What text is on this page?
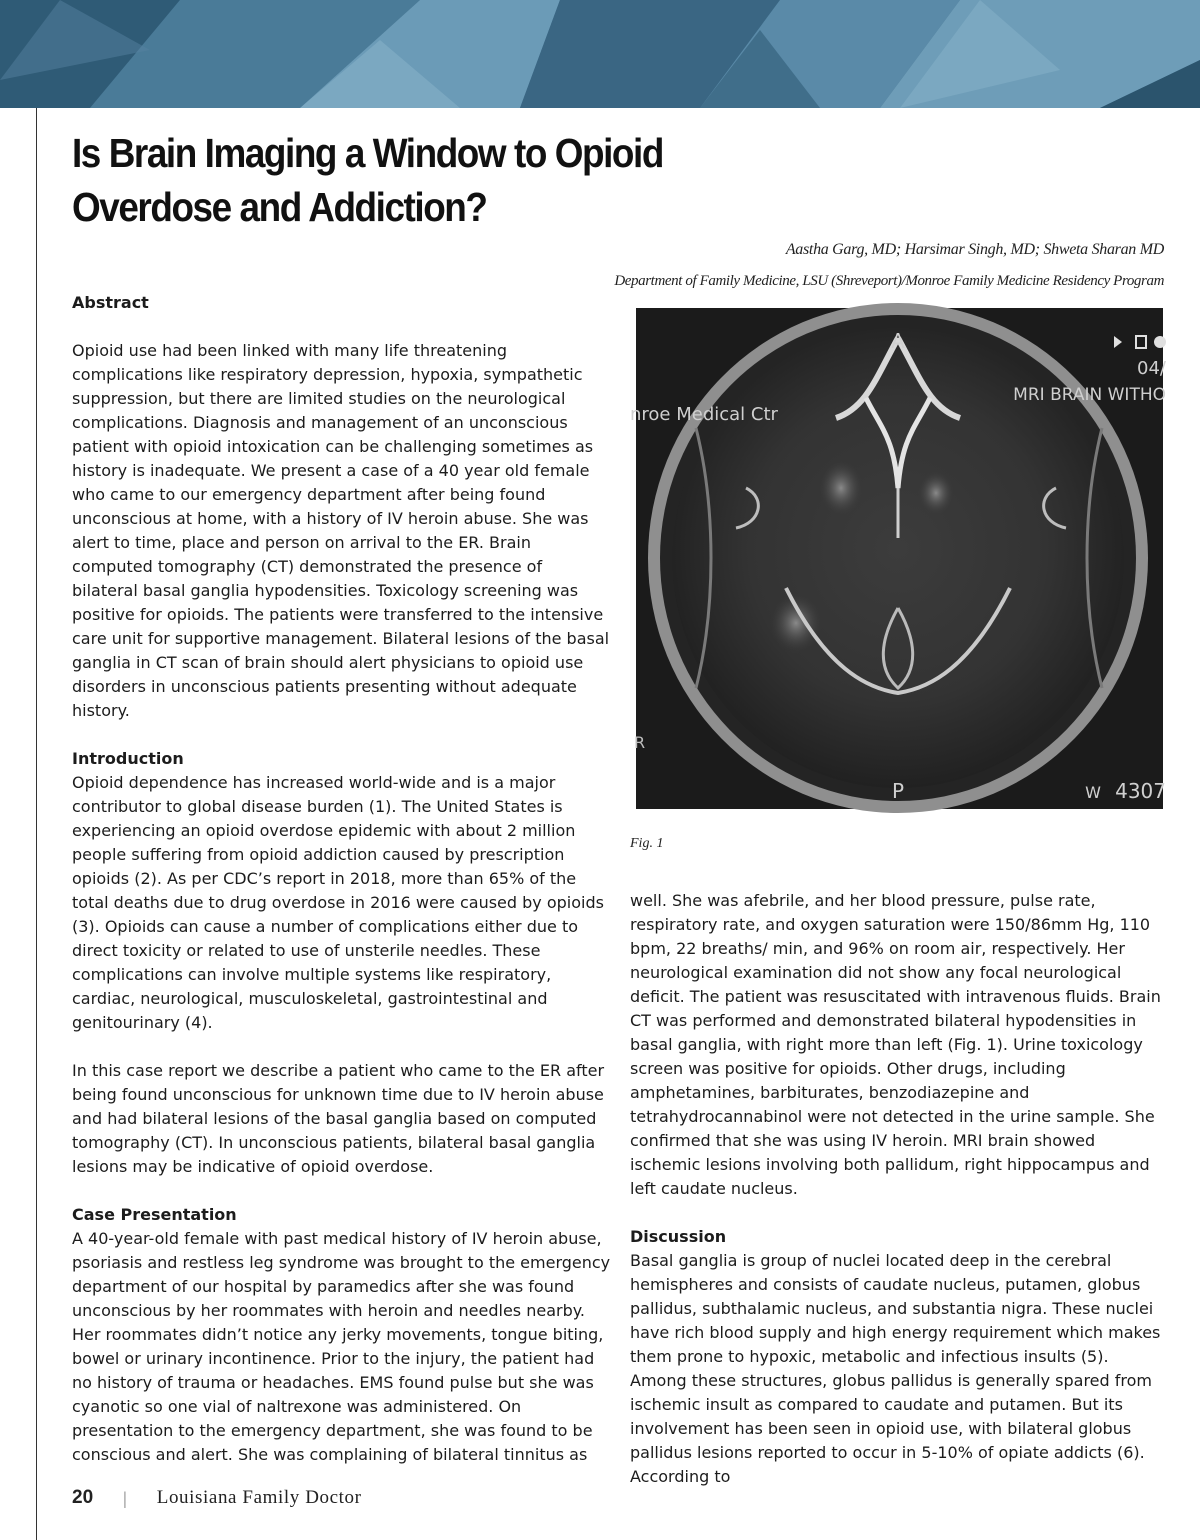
Is Brain Imaging a Window to Opioid Overdose and Addiction?
Aastha Garg, MD; Harsimar Singh, MD; Shweta Sharan MD
Department of Family Medicine, LSU (Shreveport)/Monroe Family Medicine Residency Program

Abstract

Opioid use had been linked with many life threatening complications like respiratory depression, hypoxia, sympathetic suppression, but there are limited studies on the neurological complications. Diagnosis and management of an unconscious patient with opioid intoxication can be challenging sometimes as history is inadequate. We present a case of a 40 year old female who came to our emergency department after being found unconscious at home, with a history of IV heroin abuse. She was alert to time, place and person on arrival to the ER. Brain computed tomography (CT) demonstrated the presence of bilateral basal ganglia hypodensities. Toxicology screening was positive for opioids. The patients were transferred to the intensive care unit for supportive management. Bilateral lesions of the basal ganglia in CT scan of brain should alert physicians to opioid use disorders in unconscious patients presenting without adequate history.

Introduction

Opioid dependence has increased world-wide and is a major contributor to global disease burden (1). The United States is experiencing an opioid overdose epidemic with about 2 million people suffering from opioid addiction caused by prescription opioids (2). As per CDC’s report in 2018, more than 65% of the total deaths due to drug overdose in 2016 were caused by opioids (3). Opioids can cause a number of complications either due to direct toxicity or related to use of unsterile needles. These complications can involve multiple systems like respiratory, cardiac, neurological, musculoskeletal, gastrointestinal and genitourinary (4).

In this case report we describe a patient who came to the ER after being found unconscious for unknown time due to IV heroin abuse and had bilateral lesions of the basal ganglia based on computed tomography (CT). In unconscious patients, bilateral basal ganglia lesions may be indicative of opioid overdose.

Case Presentation

A 40-year-old female with past medical history of IV heroin abuse, psoriasis and restless leg syndrome was brought to the emergency department of our hospital by paramedics after she was found unconscious by her roommates with heroin and needles nearby. Her roommates didn’t notice any jerky movements, tongue biting, bowel or urinary incontinence. Prior to the injury, the patient had no history of trauma or headaches. EMS found pulse but she was cyanotic so one vial of naltrexone was administered. On presentation to the emergency department, she was found to be conscious and alert. She was complaining of bilateral tinnitus as

A
P
nroe Medical Ctr
04/
MRI BRAIN WITHO
W 4307
R
Fig. 1

well. She was afebrile, and her blood pressure, pulse rate, respiratory rate, and oxygen saturation were 150/86mm Hg, 110 bpm, 22 breaths/ min, and 96% on room air, respectively. Her neurological examination did not show any focal neurological deficit. The patient was resuscitated with intravenous fluids. Brain CT was performed and demonstrated bilateral hypodensities in basal ganglia, with right more than left (Fig. 1). Urine toxicology screen was positive for opioids. Other drugs, including amphetamines, barbiturates, benzodiazepine and tetrahydrocannabinol were not detected in the urine sample. She confirmed that she was using IV heroin. MRI brain showed ischemic lesions involving both pallidum, right hippocampus and left caudate nucleus.

Discussion

Basal ganglia is group of nuclei located deep in the cerebral hemispheres and consists of caudate nucleus, putamen, globus pallidus, subthalamic nucleus, and substantia nigra. These nuclei have rich blood supply and high energy requirement which makes them prone to hypoxic, metabolic and infectious insults (5). Among these structures, globus pallidus is generally spared from ischemic insult as compared to caudate and putamen. But its involvement has been seen in opioid use, with bilateral globus pallidus lesions reported to occur in 5-10% of opiate addicts (6). According to

20 | Louisiana Family Doctor
